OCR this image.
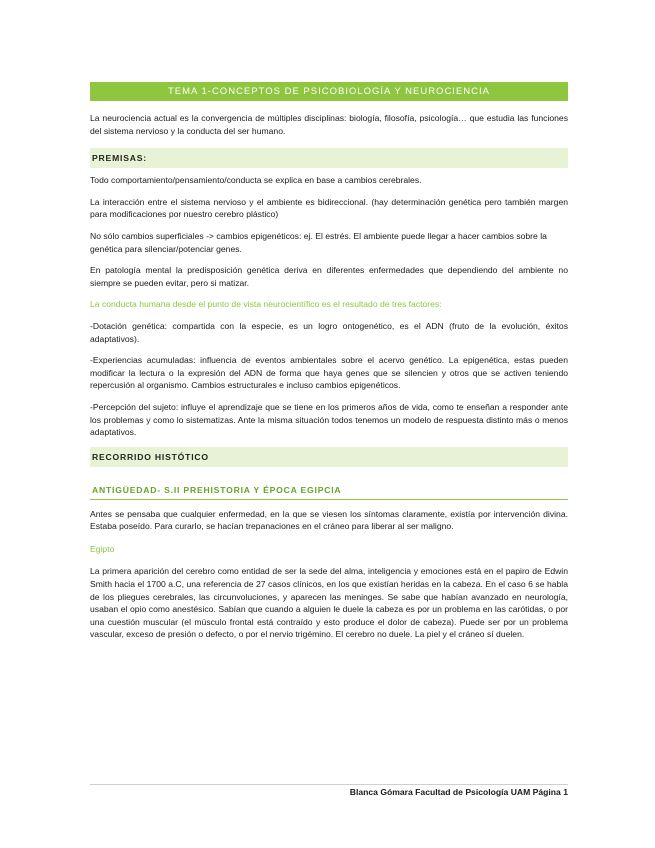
TEMA 1-CONCEPTOS DE PSICOBIOLOGÍA Y NEUROCIENCIA

La neurociencia actual es la convergencia de múltiples disciplinas: biología, filosofía, psicología… que estudia las funciones del sistema nervioso y la conducta del ser humano.

PREMISAS:

Todo comportamiento/pensamiento/conducta se explica en base a cambios cerebrales.

La interacción entre el sistema nervioso y el ambiente es bidireccional. (hay determinación genética pero también margen para modificaciones por nuestro cerebro plástico)

No sólo cambios superficiales -> cambios epigenéticos: ej. El estrés. El ambiente puede llegar a hacer cambios sobre la genética para silenciar/potenciar genes.

En patología mental la predisposición genética deriva en diferentes enfermedades que dependiendo del ambiente no siempre se pueden evitar, pero si matizar.

La conducta humana desde el punto de vista neurocientífico es el resultado de tres factores:

-Dotación genética: compartida con la especie, es un logro ontogenético, es el ADN (fruto de la evolución, éxitos adaptativos).

-Experiencias acumuladas: influencia de eventos ambientales sobre el acervo genético. La epigenética, estas pueden modificar la lectura o la expresión del ADN de forma que haya genes que se silencien y otros que se activen teniendo repercusión al organismo. Cambios estructurales e incluso cambios epigenéticos.

-Percepción del sujeto: influye el aprendizaje que se tiene en los primeros años de vida, como te enseñan a responder ante los problemas y como lo sistematizas. Ante la misma situación todos tenemos un modelo de respuesta distinto más o menos adaptativos.

RECORRIDO HISTÓTICO
ANTIGÜEDAD- S.II PREHISTORIA Y ÉPOCA EGIPCIA

Antes se pensaba que cualquier enfermedad, en la que se viesen los síntomas claramente, existía por intervención divina. Estaba poseído. Para curarlo, se hacían trepanaciones en el cráneo para liberar al ser maligno.

Egipto

La primera aparición del cerebro como entidad de ser la sede del alma, inteligencia y emociones está en el papiro de Edwin Smith hacia el 1700 a.C, una referencia de 27 casos clínicos, en los que existían heridas en la cabeza. En el caso 6 se habla de los pliegues cerebrales, las circunvoluciones, y aparecen las meninges. Se sabe que habían avanzado en neurología, usaban el opio como anestésico. Sabían que cuando a alguien le duele la cabeza es por un problema en las carótidas, o por una cuestión muscular (el músculo frontal está contraído y esto produce el dolor de cabeza). Puede ser por un problema vascular, exceso de presión o defecto, o por el nervio trigémino. El cerebro no duele. La piel y el cráneo sí duelen.

Blanca Gómara Facultad de Psicología UAM Página 1
